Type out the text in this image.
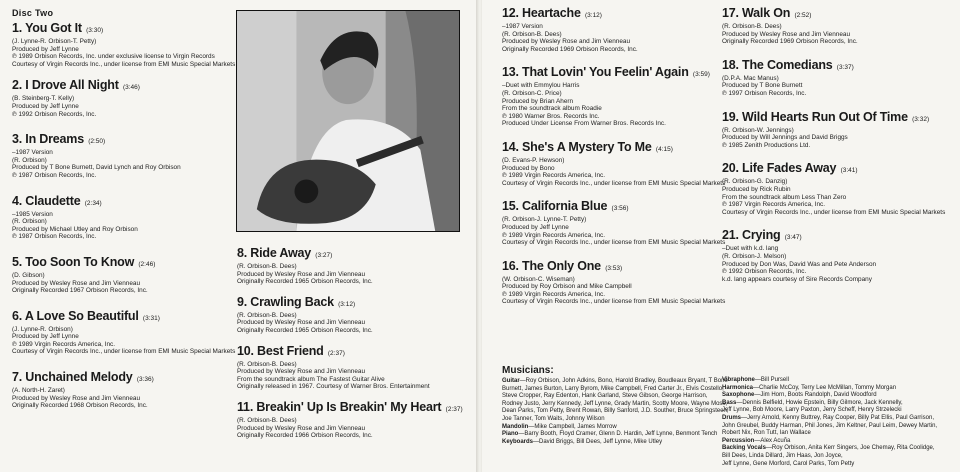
Disc Two
1. You Got It (3:30)
(J. Lynne-R. Orbison-T. Petty)
Produced by Jeff Lynne
℗ 1989 Orbison Records, Inc. under exclusive license to Virgin Records
Courtesy of Virgin Records Inc., under license from EMI Music Special Markets
2. I Drove All Night (3:46)
(B. Steinberg-T. Kelly)
Produced by Jeff Lynne
℗ 1992 Orbison Records, Inc.
3. In Dreams (2:50)
–1987 Version
(R. Orbison)
Produced by T Bone Burnett, David Lynch and Roy Orbison
℗ 1987 Orbison Records, Inc.
4. Claudette (2:34)
–1985 Version
(R. Orbison)
Produced by Michael Utley and Roy Orbison
℗ 1987 Orbison Records, Inc.
5. Too Soon To Know (2:46)
(D. Gibson)
Produced by Wesley Rose and Jim Vienneau
Originally Recorded 1967 Orbison Records, Inc.
6. A Love So Beautiful (3:31)
(J. Lynne-R. Orbison)
Produced by Jeff Lynne
℗ 1989 Virgin Records America, Inc.
Courtesy of Virgin Records Inc., under license from EMI Music Special Markets
7. Unchained Melody (3:36)
(A. North-H. Zaret)
Produced by Wesley Rose and Jim Vienneau
Originally Recorded 1968 Orbison Records, Inc.
8. Ride Away (3:27)
(R. Orbison-B. Dees)
Produced by Wesley Rose and Jim Vienneau
Originally Recorded 1965 Orbison Records, Inc.
9. Crawling Back (3:12)
(R. Orbison-B. Dees)
Produced by Wesley Rose and Jim Vienneau
Originally Recorded 1965 Orbison Records, Inc.
10. Best Friend (2:37)
(R. Orbison-B. Dees)
Produced by Wesley Rose and Jim Vienneau
From the soundtrack album The Fastest Guitar Alive
Originally released in 1967. Courtesy of Warner Bros. Entertainment
11. Breakin' Up Is Breakin' My Heart (2:37)
(R. Orbison-B. Dees)
Produced by Wesley Rose and Jim Vienneau
Originally Recorded 1966 Orbison Records, Inc.
12. Heartache (3:12)
–1987 Version
(R. Orbison-B. Dees)
Produced by Wesley Rose and Jim Vienneau
Originally Recorded 1969 Orbison Records, Inc.
13. That Lovin' You Feelin' Again (3:59)
–Duet with Emmylou Harris
(R. Orbison-C. Price)
Produced by Brian Ahern
From the soundtrack album Roadie
℗ 1980 Warner Bros. Records Inc.
Produced Under License From Warner Bros. Records Inc.
14. She's A Mystery To Me (4:15)
(D. Evans-P. Hewson)
Produced by Bono
℗ 1989 Virgin Records America, Inc.
Courtesy of Virgin Records Inc., under license from EMI Music Special Markets
15. California Blue (3:56)
(R. Orbison-J. Lynne-T. Petty)
Produced by Jeff Lynne
℗ 1989 Virgin Records America, Inc.
Courtesy of Virgin Records Inc., under license from EMI Music Special Markets
16. The Only One (3:53)
(W. Orbison-C. Wiseman)
Produced by Roy Orbison and Mike Campbell
℗ 1989 Virgin Records America, Inc.
Courtesy of Virgin Records Inc., under license from EMI Music Special Markets
17. Walk On (2:52)
(R. Orbison-B. Dees)
Produced by Wesley Rose and Jim Vienneau
Originally Recorded 1969 Orbison Records, Inc.
18. The Comedians (3:37)
(D.P.A. Mac Manus)
Produced by T Bone Burnett
℗ 1997 Orbison Records, Inc.
19. Wild Hearts Run Out Of Time (3:32)
(R. Orbison-W. Jennings)
Produced by Will Jennings and David Briggs
℗ 1985 Zenith Productions Ltd.
20. Life Fades Away (3:41)
(R. Orbison-G. Danzig)
Produced by Rick Rubin
From the soundtrack album Less Than Zero
℗ 1987 Virgin Records America, Inc.
Courtesy of Virgin Records Inc., under license from EMI Music Special Markets
21. Crying (3:47)
–Duet with k.d. lang
(R. Orbison-J. Melson)
Produced by Don Was, David Was and Pete Anderson
℗ 1992 Orbison Records, Inc.
k.d. lang appears courtesy of Sire Records Company
Musicians:
Guitar—Roy Orbison, John Adkins, Bono, Harold Bradley, Boudleaux Bryant, T Bone
Burnett, James Burton, Larry Byrom, Mike Campbell, Fred Carter Jr., Elvis Costello,
Steve Cropper, Ray Edenton, Hank Garland, Steve Gibson, George Harrison,
Rodney Justo, Jerry Kennedy, Jeff Lynne, Grady Martin, Scotty Moore, Wayne Moss,
Dean Parks, Tom Petty, Brent Rowan, Billy Sanford, J.D. Souther, Bruce Springsteen,
Joe Tanner, Tom Waits, Johnny Wilson
Mandolin—Mike Campbell, James Morrow
Piano—Barry Booth, Floyd Cramer, Glenn D. Hardin, Jeff Lynne, Benmont Tench
Keyboards—David Briggs, Bill Dees, Jeff Lynne, Mike Utley
Vibraphone—Bill Pursell
Harmonica—Charlie McCoy, Terry Lee McMillan, Tommy Morgan
Saxophone—Jim Horn, Boots Randolph, David Woodford
Bass—Dennis Belfield, Howie Epstein, Billy Gilmore, Jack Kennelly,
Jeff Lynne, Bob Moore, Larry Paxton, Jerry Scheff, Henry Strzelecki
Drums—Jerry Arnold, Kenny Buttrey, Ray Cooper, Billy Pat Ellis, Paul Garrison,
John Greubel, Buddy Harman, Phil Jones, Jim Keltner, Paul Leim, Dewey Martin,
Robert Nix, Ron Tutt, Ian Wallace
Percussion—Alex Acuña
Backing Vocals—Roy Orbison, Anita Kerr Singers, Joe Chemay, Rita Coolidge,
Bill Dees, Linda Dillard, Jim Haas, Jon Joyce,
Jeff Lynne, Gene Morford, Carol Parks, Tom Petty
